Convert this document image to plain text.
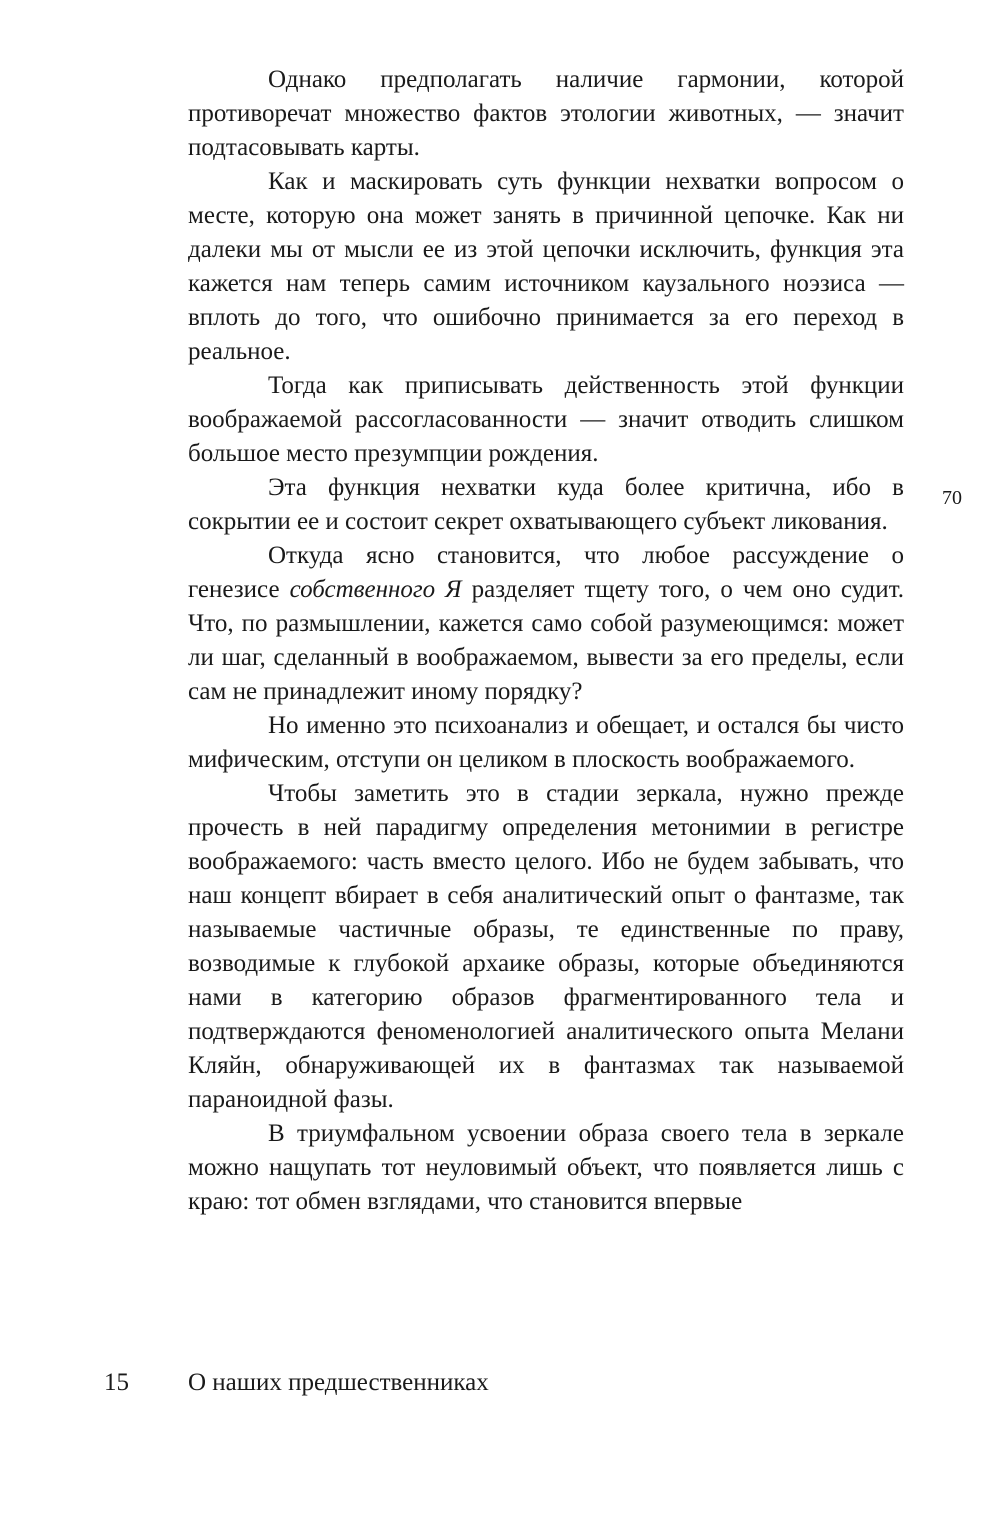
Однако предполагать наличие гармонии, которой противоречат множество фактов этологии животных, — значит подтасовывать карты.

Как и маскировать суть функции нехватки вопросом о месте, которую она может занять в причинной цепочке. Как ни далеки мы от мысли ее из этой цепочки исключить, функция эта кажется нам теперь самим источником каузального ноэзиса — вплоть до того, что ошибочно принимается за его переход в реальное.

Тогда как приписывать действенность этой функции воображаемой рассогласованности — значит отводить слишком большое место презумпции рождения.

Эта функция нехватки куда более критична, ибо в сокрытии ее и состоит секрет охватывающего субъект ликования.

Откуда ясно становится, что любое рассуждение о генезисе собственного Я разделяет тщету того, о чем оно судит. Что, по размышлении, кажется само собой разумеющимся: может ли шаг, сделанный в воображаемом, вывести за его пределы, если сам не принадлежит иному порядку?

Но именно это психоанализ и обещает, и остался бы чисто мифическим, отступи он целиком в плоскость воображаемого.

Чтобы заметить это в стадии зеркала, нужно прежде прочесть в ней парадигму определения метонимии в регистре воображаемого: часть вместо целого. Ибо не будем забывать, что наш концепт вбирает в себя аналитический опыт о фантазме, так называемые частичные образы, те единственные по праву, возводимые к глубокой архаике образы, которые объединяются нами в категорию образов фрагментированного тела и подтверждаются феноменологией аналитического опыта Мелани Кляйн, обнаруживающей их в фантазмах так называемой параноидной фазы.

В триумфальном усвоении образа своего тела в зеркале можно нащупать тот неуловимый объект, что появляется лишь с краю: тот обмен взглядами, что становится впервые

70
15 О наших предшественниках
